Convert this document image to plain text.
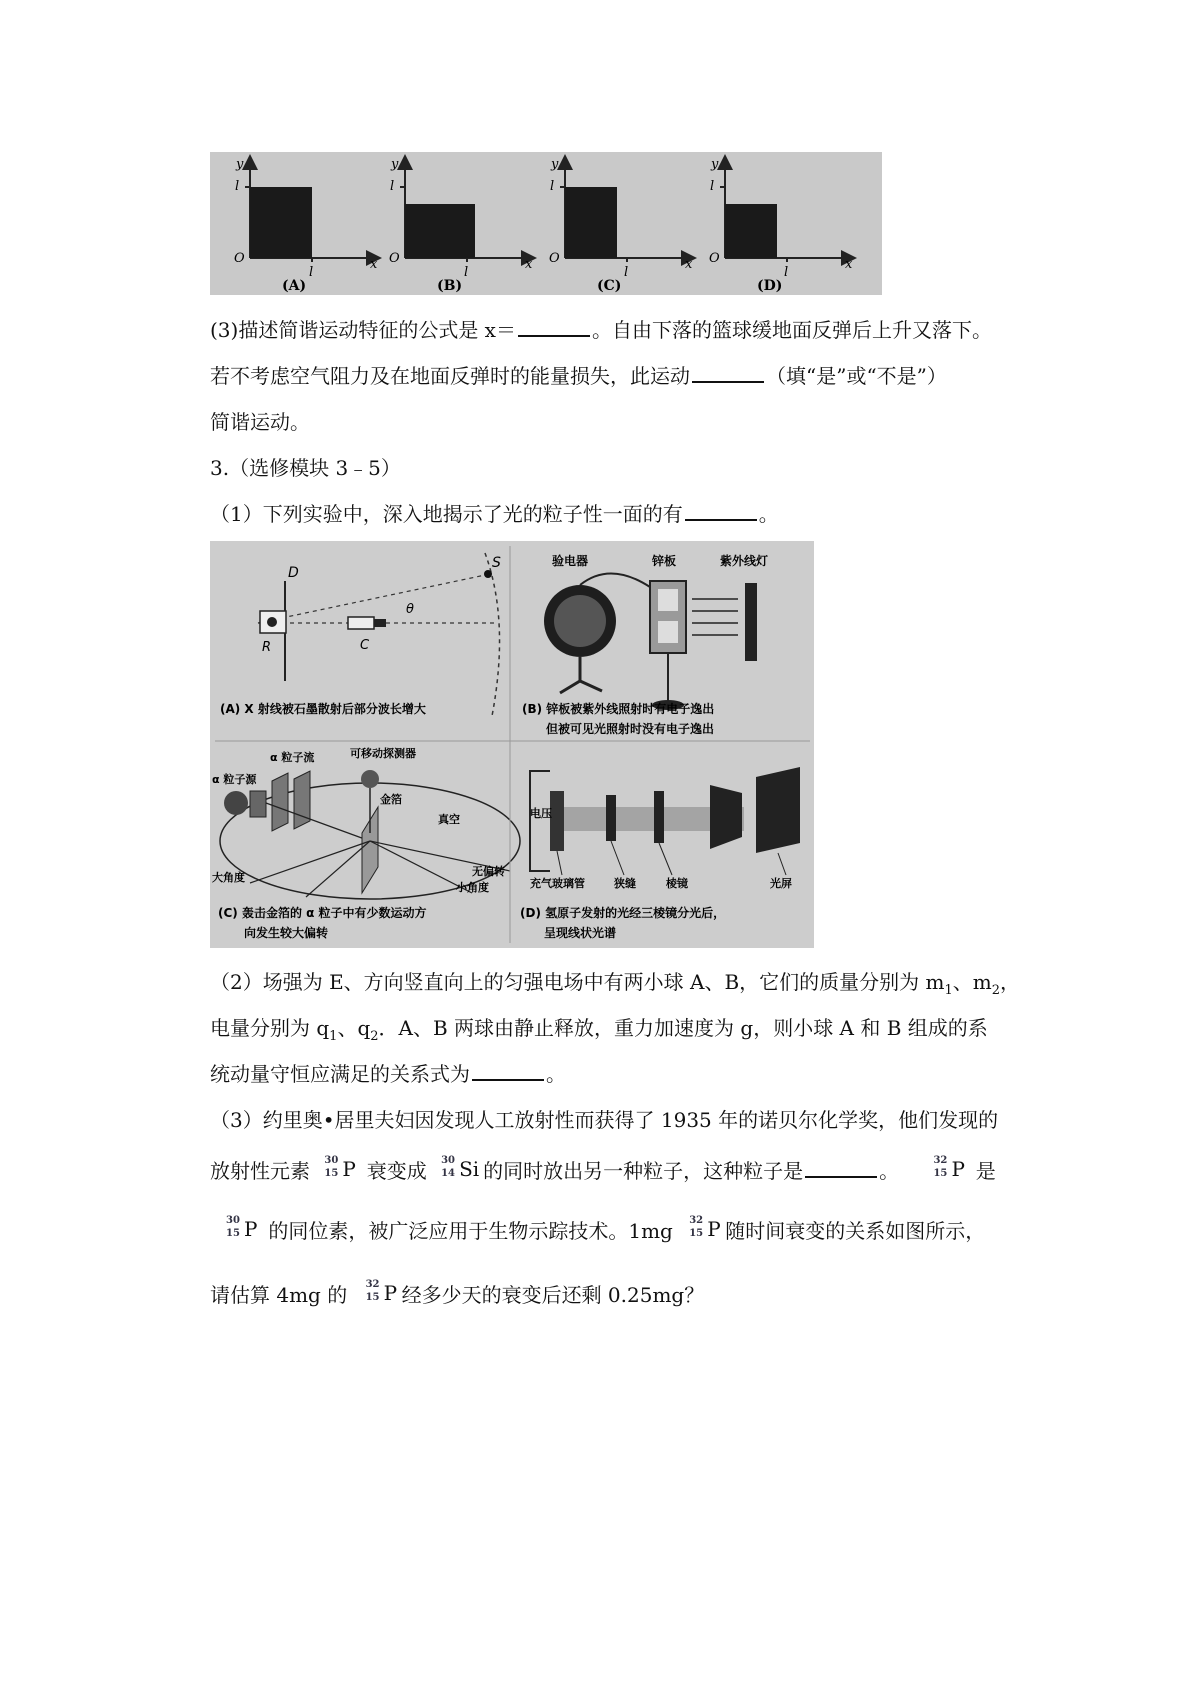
y
l
O
l
x
(A)
y
l
O
l
x
(B)
y
l
O
l
x
(C)
y
l
O
l
x
(D)
(3)描述简谐运动特征的公式是 x＝	。自由下落的篮球缓地面反弹后上升又落下。
若不考虑空气阻力及在地面反弹时的能量损失，此运动	（填“是”或“不是”）
简谐运动。
3.（选修模块 3﹣5）
（1）下列实验中，深入地揭示了光的粒子性一面的有	。
D
S
θ
R	C
(A) X 射线被石墨散射后部分波长增大
验电器	锌板	紫外线灯
(B) 锌板被紫外线照射时有电子逸出
但被可见光照射时没有电子逸出
α 粒子流	可移动探测器
α 粒子源
金箔
真空
大角度	无偏转
小角度
(C) 轰击金箔的 α 粒子中有少数运动方
向发生较大偏转
电压
充气玻璃管	狭缝	棱镜	光屏
(D) 氢原子发射的光经三棱镜分光后，
呈现线状光谱
（2）场强为 E、方向竖直向上的匀强电场中有两小球 A、B，它们的质量分别为 $m_1$、$m_2$，
电量分别为 $q_1$、$q_2$．A、B 两球由静止释放，重力加速度为 g，则小球 A 和 B 组成的系
统动量守恒应满足的关系式为	。
（3）约里奥•居里夫妇因发现人工放射性而获得了 1935 年的诺贝尔化学奖，他们发现的
放射性元素 30
15 P 衰变成 30
14 Si 的同时放出另一种粒子，这种粒子是	。	32
15 P 是
30
15 P 的同位素，被广泛应用于生物示踪技术。1mg 32
15 P 随时间衰变的关系如图所示，
请估算 4mg 的 32
15 P 经多少天的衰变后还剩 0.25mg？
